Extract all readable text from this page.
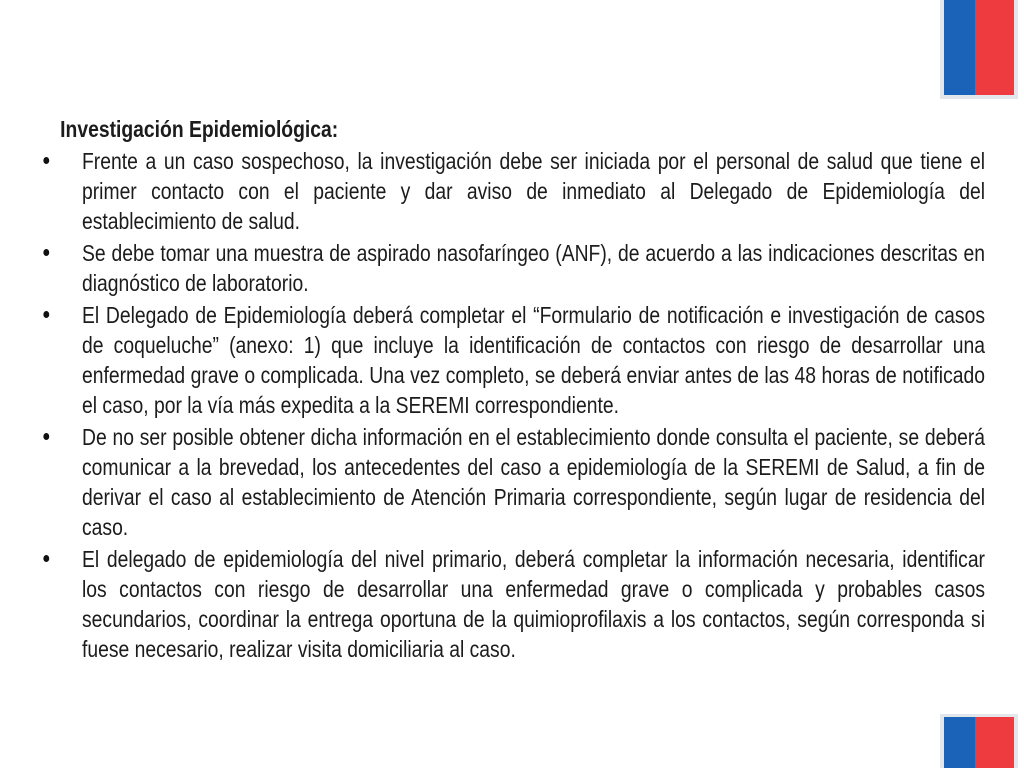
Investigación Epidemiológica:
Frente a un caso sospechoso, la investigación debe ser iniciada por el personal de salud que tiene el primer contacto con el paciente y dar aviso de inmediato al Delegado de Epidemiología del establecimiento de salud.
Se debe tomar una muestra de aspirado nasofaríngeo (ANF), de acuerdo a las indicaciones descritas en diagnóstico de laboratorio.
El Delegado de Epidemiología deberá completar el “Formulario de notificación e investigación de casos de coqueluche” (anexo: 1) que incluye la identificación de contactos con riesgo de desarrollar una enfermedad grave o complicada. Una vez completo, se deberá enviar antes de las 48 horas de notificado el caso, por la vía más expedita a la SEREMI correspondiente.
De no ser posible obtener dicha información en el establecimiento donde consulta el paciente, se deberá comunicar a la brevedad, los antecedentes del caso a epidemiología de la SEREMI de Salud, a fin de derivar el caso al establecimiento de Atención Primaria correspondiente, según lugar de residencia del caso.
El delegado de epidemiología del nivel primario, deberá completar la información necesaria, identificar los contactos con riesgo de desarrollar una enfermedad grave o complicada y probables casos secundarios, coordinar la entrega oportuna de la quimioprofilaxis a los contactos, según corresponda si fuese necesario, realizar visita domiciliaria al caso.
